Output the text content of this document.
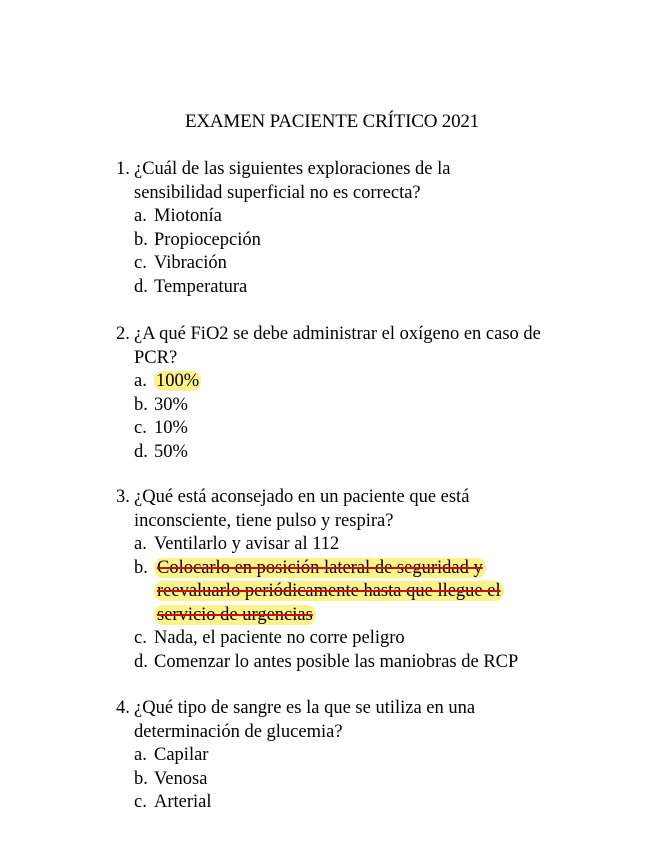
EXAMEN PACIENTE CRÍTICO 2021
1. ¿Cuál de las siguientes exploraciones de la sensibilidad superficial no es correcta?
a. Miotonía
b. Propiocepción
c. Vibración
d. Temperatura
2. ¿A qué FiO2 se debe administrar el oxígeno en caso de PCR?
a. 100%
b. 30%
c. 10%
d. 50%
3. ¿Qué está aconsejado en un paciente que está inconsciente, tiene pulso y respira?
a. Ventilarlo y avisar al 112
b. Colocarlo en posición lateral de seguridad y reevaluarlo periódicamente hasta que llegue el servicio de urgencias
c. Nada, el paciente no corre peligro
d. Comenzar lo antes posible las maniobras de RCP
4. ¿Qué tipo de sangre es la que se utiliza en una determinación de glucemia?
a. Capilar
b. Venosa
c. Arterial
